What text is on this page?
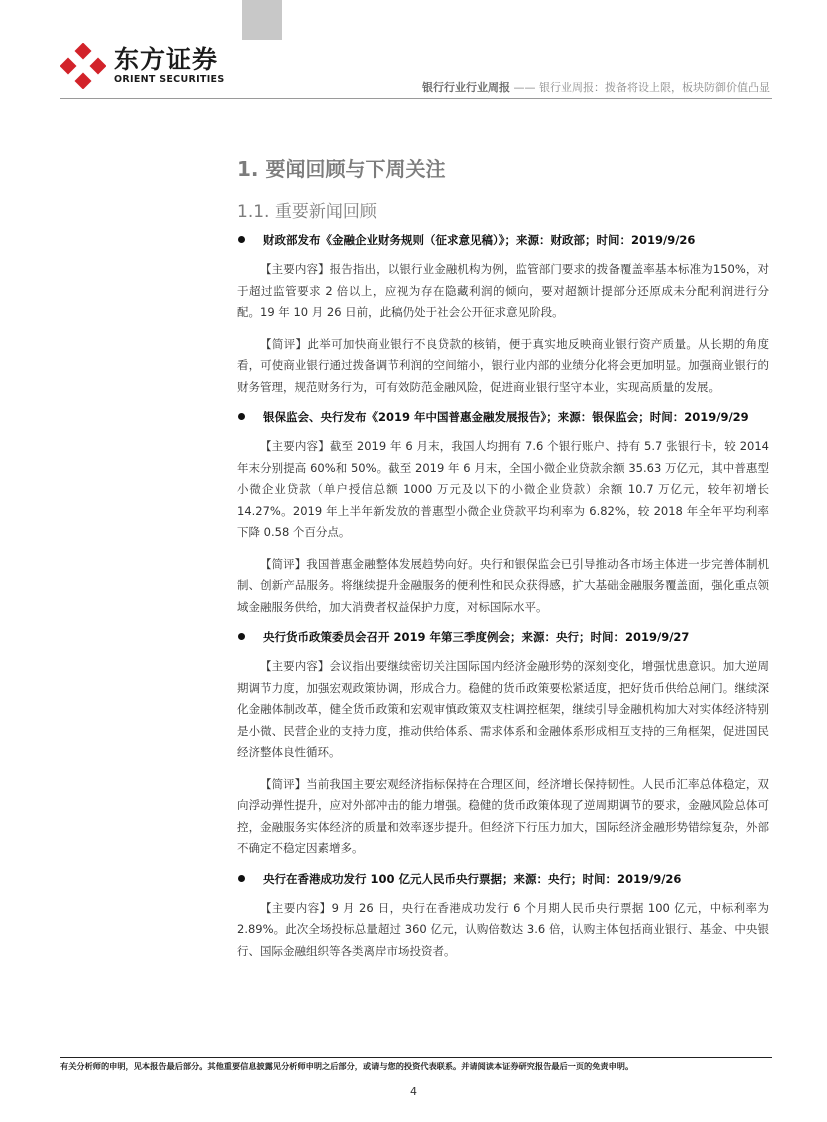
东方证券
ORIENT SECURITIES
银行行业行业周报 —— 银行业周报：拨备将设上限，板块防御价值凸显
1. 要闻回顾与下周关注
1.1. 重要新闻回顾
财政部发布《金融企业财务规则（征求意见稿）》；来源：财政部；时间：2019/9/26

【主要内容】报告指出，以银行业金融机构为例，监管部门要求的拨备覆盖率基本标准为150%，对于超过监管要求 2 倍以上，应视为存在隐藏利润的倾向，要对超额计提部分还原成未分配利润进行分配。19 年 10 月 26 日前，此稿仍处于社会公开征求意见阶段。

【简评】此举可加快商业银行不良贷款的核销，便于真实地反映商业银行资产质量。从长期的角度看，可使商业银行通过拨备调节利润的空间缩小，银行业内部的业绩分化将会更加明显。加强商业银行的财务管理，规范财务行为，可有效防范金融风险，促进商业银行坚守本业，实现高质量的发展。

银保监会、央行发布《2019 年中国普惠金融发展报告》；来源：银保监会；时间：2019/9/29

【主要内容】截至 2019 年 6 月末，我国人均拥有 7.6 个银行账户、持有 5.7 张银行卡，较 2014 年末分别提高 60%和 50%。截至 2019 年 6 月末，全国小微企业贷款余额 35.63 万亿元，其中普惠型小微企业贷款（单户授信总额 1000 万元及以下的小微企业贷款）余额 10.7 万亿元，较年初增长 14.27%。2019 年上半年新发放的普惠型小微企业贷款平均利率为 6.82%，较 2018 年全年平均利率下降 0.58 个百分点。

【简评】我国普惠金融整体发展趋势向好。央行和银保监会已引导推动各市场主体进一步完善体制机制、创新产品服务。将继续提升金融服务的便利性和民众获得感，扩大基础金融服务覆盖面，强化重点领域金融服务供给，加大消费者权益保护力度，对标国际水平。

央行货币政策委员会召开 2019 年第三季度例会；来源：央行；时间：2019/9/27

【主要内容】会议指出要继续密切关注国际国内经济金融形势的深刻变化，增强忧患意识。加大逆周期调节力度，加强宏观政策协调，形成合力。稳健的货币政策要松紧适度，把好货币供给总闸门。继续深化金融体制改革，健全货币政策和宏观审慎政策双支柱调控框架，继续引导金融机构加大对实体经济特别是小微、民营企业的支持力度，推动供给体系、需求体系和金融体系形成相互支持的三角框架，促进国民经济整体良性循环。

【简评】当前我国主要宏观经济指标保持在合理区间，经济增长保持韧性。人民币汇率总体稳定，双向浮动弹性提升，应对外部冲击的能力增强。稳健的货币政策体现了逆周期调节的要求，金融风险总体可控，金融服务实体经济的质量和效率逐步提升。但经济下行压力加大，国际经济金融形势错综复杂，外部不确定不稳定因素增多。

央行在香港成功发行 100 亿元人民币央行票据；来源：央行；时间：2019/9/26

【主要内容】9 月 26 日，央行在香港成功发行 6 个月期人民币央行票据 100 亿元，中标利率为 2.89%。此次全场投标总量超过 360 亿元，认购倍数达 3.6 倍，认购主体包括商业银行、基金、中央银行、国际金融组织等各类离岸市场投资者。

有关分析师的申明，见本报告最后部分。其他重要信息披露见分析师申明之后部分，或请与您的投资代表联系。并请阅读本证券研究报告最后一页的免责申明。
4
